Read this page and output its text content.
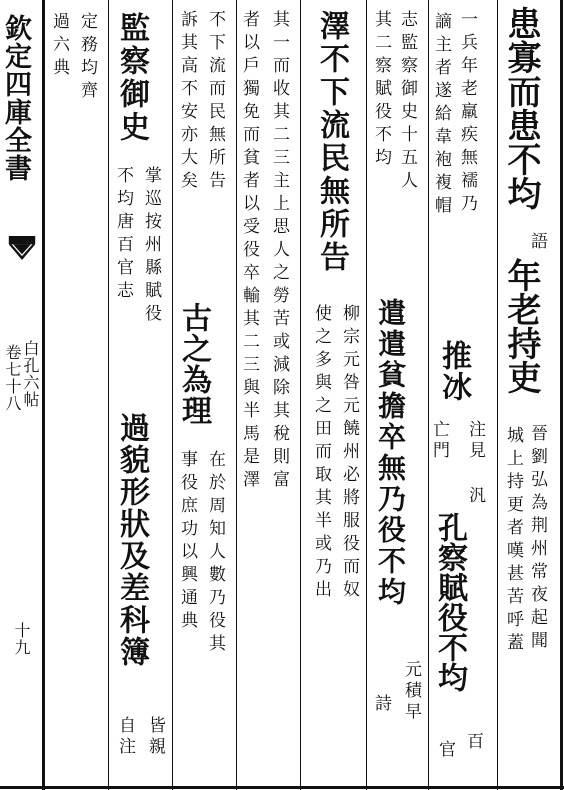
欽定四庫全書
白孔六帖
卷七十八
十九
患寡而患不均
語
年老持吏
晉劉弘為荆州常夜起聞
城上持更者嘆甚苦呼蓋
一兵年老羸疾無襦乃
謫主者遂給韋袍複帽
推冰
注見
亡門
汎
孔察賦役不均
百
官
志監察御史十五人
其二察賦役不均
遣遣貧擔卒無乃役不均
元積早
詩
澤不下流民無所告
柳宗元咎元饒州必將服役而奴
使之多與之田而取其半或乃出
其一而收其二三主上思人之勞苦或減除其稅則富
者以戶獨免而貧者以受役卒輸其二三與半馬是澤
不下流而民無所告
訴其高不安亦大矣
古之為理
在於周知人數乃役其
事役庶功以興通典
監察御史
掌巡按州縣賦役
不均唐百官志
過貌形狀及差科簿
皆親
自注
定務均齊
過六典
